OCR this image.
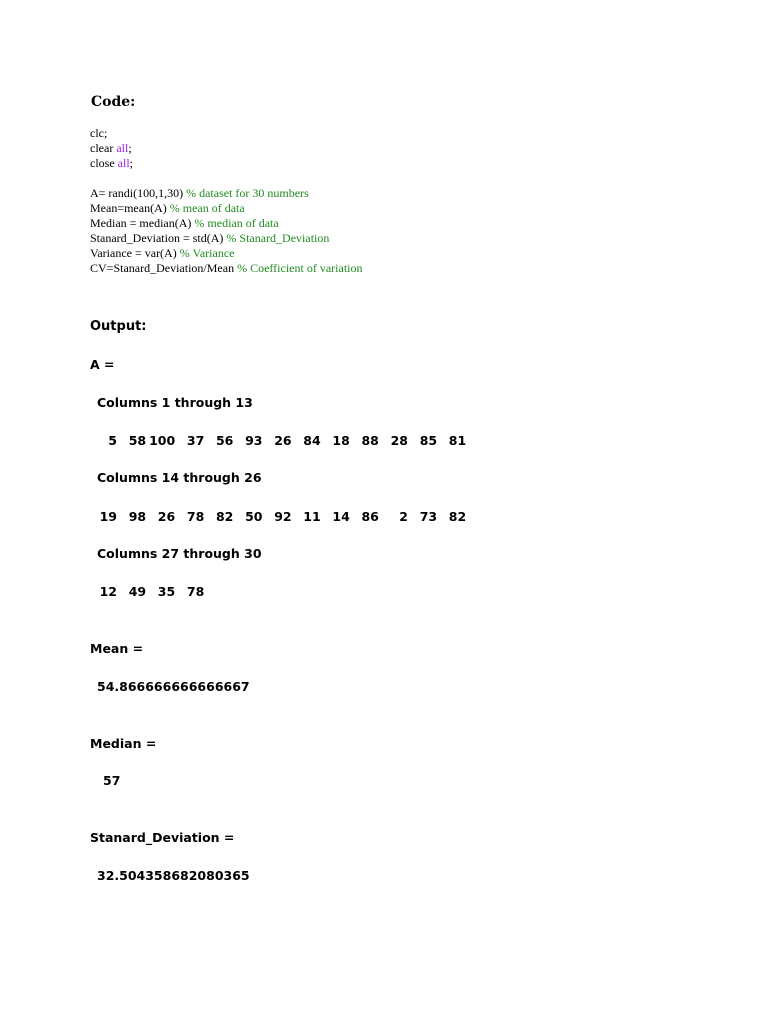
Code:
clc;
clear all;
close all;
A= randi(100,1,30) % dataset for 30 numbers
Mean=mean(A) % mean of data
Median = median(A) % median of data
Stanard_Deviation = std(A) % Stanard_Deviation
Variance = var(A) % Variance
CV=Stanard_Deviation/Mean % Coefficient of variation
Output:
A =
Columns 1 through 13
5 58 100 37 56 93 26 84 18 88 28 85 81
Columns 14 through 26
19 98 26 78 82 50 92 11 14 86	2 73 82
Columns 27 through 30
12 49 35 78
Mean =
54.866666666666667
Median =
57
Stanard_Deviation =
32.504358682080365
